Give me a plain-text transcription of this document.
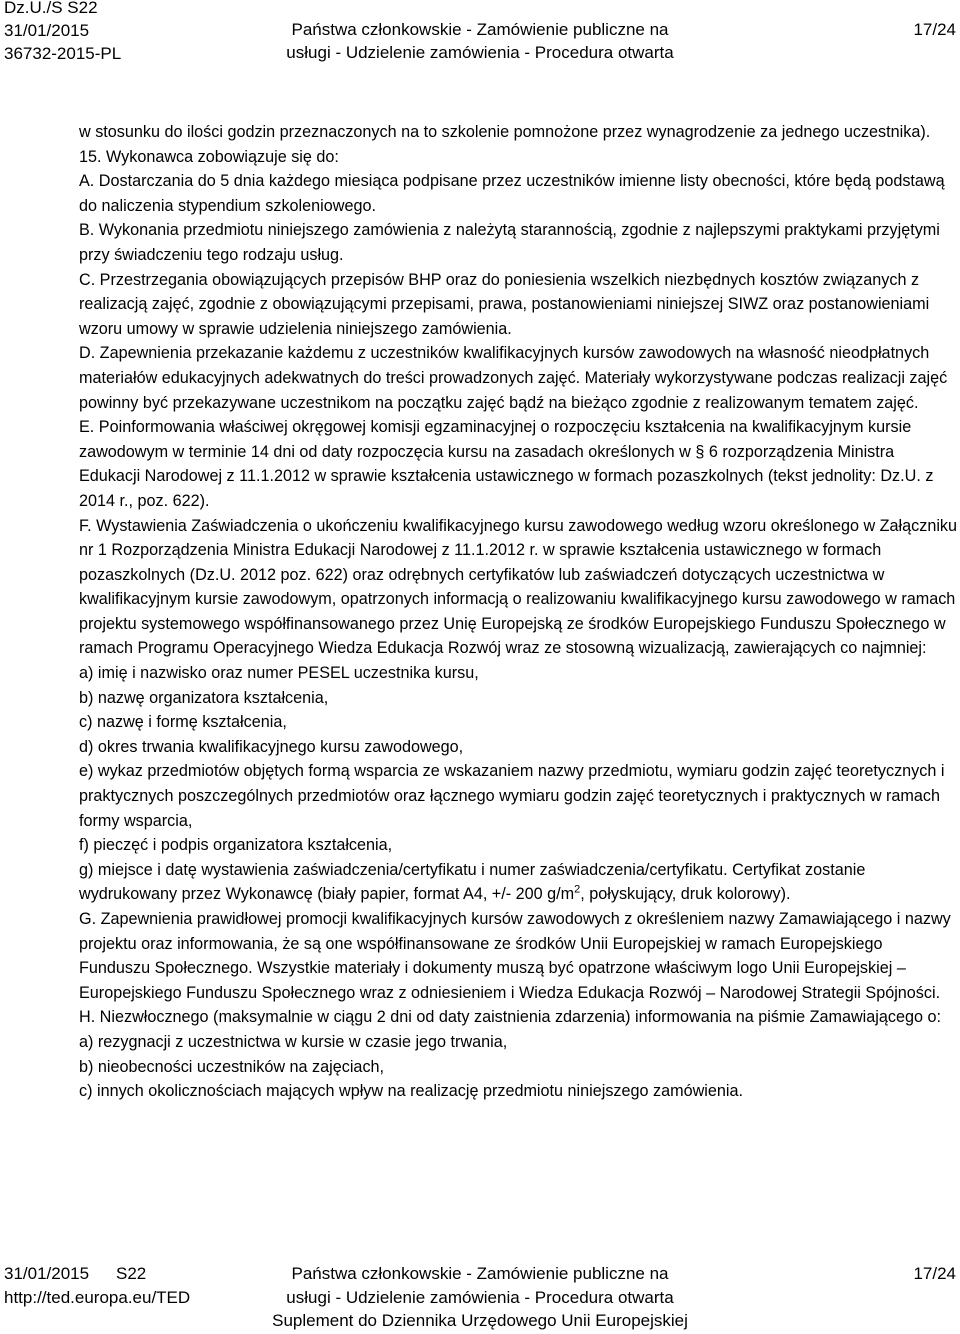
Dz.U./S S22
31/01/2015
36732-2015-PL
Państwa członkowskie - Zamówienie publiczne na
usługi - Udzielenie zamówienia - Procedura otwarta
17/24

w stosunku do ilości godzin przeznaczonych na to szkolenie pomnożone przez wynagrodzenie za jednego uczestnika).

15. Wykonawca zobowiązuje się do:

A. Dostarczania do 5 dnia każdego miesiąca podpisane przez uczestników imienne listy obecności, które będą podstawą do naliczenia stypendium szkoleniowego.

B. Wykonania przedmiotu niniejszego zamówienia z należytą starannością, zgodnie z najlepszymi praktykami przyjętymi przy świadczeniu tego rodzaju usług.

C. Przestrzegania obowiązujących przepisów BHP oraz do poniesienia wszelkich niezbędnych kosztów związanych z realizacją zajęć, zgodnie z obowiązującymi przepisami, prawa, postanowieniami niniejszej SIWZ oraz postanowieniami wzoru umowy w sprawie udzielenia niniejszego zamówienia.

D. Zapewnienia przekazanie każdemu z uczestników kwalifikacyjnych kursów zawodowych na własność nieodpłatnych materiałów edukacyjnych adekwatnych do treści prowadzonych zajęć. Materiały wykorzystywane podczas realizacji zajęć powinny być przekazywane uczestnikom na początku zajęć bądź na bieżąco zgodnie z realizowanym tematem zajęć.

E. Poinformowania właściwej okręgowej komisji egzaminacyjnej o rozpoczęciu kształcenia na kwalifikacyjnym kursie zawodowym w terminie 14 dni od daty rozpoczęcia kursu na zasadach określonych w § 6 rozporządzenia Ministra Edukacji Narodowej z 11.1.2012 w sprawie kształcenia ustawicznego w formach pozaszkolnych (tekst jednolity: Dz.U. z 2014 r., poz. 622).

F. Wystawienia Zaświadczenia o ukończeniu kwalifikacyjnego kursu zawodowego według wzoru określonego w Załączniku nr 1 Rozporządzenia Ministra Edukacji Narodowej z 11.1.2012 r. w sprawie kształcenia ustawicznego w formach pozaszkolnych (Dz.U. 2012 poz. 622) oraz odrębnych certyfikatów lub zaświadczeń dotyczących uczestnictwa w kwalifikacyjnym kursie zawodowym, opatrzonych informacją o realizowaniu kwalifikacyjnego kursu zawodowego w ramach projektu systemowego współfinansowanego przez Unię Europejską ze środków Europejskiego Funduszu Społecznego w ramach Programu Operacyjnego Wiedza Edukacja Rozwój wraz ze stosowną wizualizacją, zawierających co najmniej:

a) imię i nazwisko oraz numer PESEL uczestnika kursu,

b) nazwę organizatora kształcenia,

c) nazwę i formę kształcenia,

d) okres trwania kwalifikacyjnego kursu zawodowego,

e) wykaz przedmiotów objętych formą wsparcia ze wskazaniem nazwy przedmiotu, wymiaru godzin zajęć teoretycznych i praktycznych poszczególnych przedmiotów oraz łącznego wymiaru godzin zajęć teoretycznych i praktycznych w ramach formy wsparcia,

f) pieczęć i podpis organizatora kształcenia,

g) miejsce i datę wystawienia zaświadczenia/certyfikatu i numer zaświadczenia/certyfikatu. Certyfikat zostanie wydrukowany przez Wykonawcę (biały papier, format A4, +/- 200 $g/m^2$, połyskujący, druk kolorowy).

G. Zapewnienia prawidłowej promocji kwalifikacyjnych kursów zawodowych z określeniem nazwy Zamawiającego i nazwy projektu oraz informowania, że są one współfinansowane ze środków Unii Europejskiej w ramach Europejskiego Funduszu Społecznego. Wszystkie materiały i dokumenty muszą być opatrzone właściwym logo Unii Europejskiej – Europejskiego Funduszu Społecznego wraz z odniesieniem i Wiedza Edukacja Rozwój – Narodowej Strategii Spójności.

H. Niezwłocznego (maksymalnie w ciągu 2 dni od daty zaistnienia zdarzenia) informowania na piśmie Zamawiającego o:

a) rezygnacji z uczestnictwa w kursie w czasie jego trwania,

b) nieobecności uczestników na zajęciach,

c) innych okolicznościach mających wpływ na realizację przedmiotu niniejszego zamówienia.

31/01/2015 S22
http://ted.europa.eu/TED
Państwa członkowskie - Zamówienie publiczne na
usługi - Udzielenie zamówienia - Procedura otwarta
Suplement do Dziennika Urzędowego Unii Europejskiej
17/24
